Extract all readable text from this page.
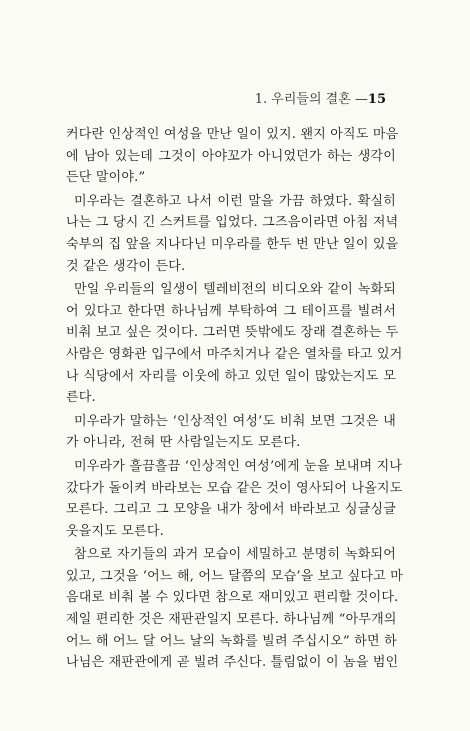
1. 우리들의 결혼 —15
커다란 인상적인 여성을 만난 일이 있지. 왠지 아직도 마음
에 남아 있는데 그것이 아야꼬가 아니었던가 하는 생각이
든단 말이야.”
미우라는 결혼하고 나서 이런 말을 가끔 하였다. 확실히
나는 그 당시 긴 스커트를 입었다. 그즈음이라면 아침 저녁
숙부의 집 앞을 지나다닌 미우라를 한두 번 만난 일이 있을
것 같은 생각이 든다.
만일 우리들의 일생이 텔레비전의 비디오와 같이 녹화되
어 있다고 한다면 하나님께 부탁하여 그 테이프를 빌려서
비춰 보고 싶은 것이다. 그러면 뜻밖에도 장래 결혼하는 두
사람은 영화관 입구에서 마주치거나 같은 열차를 타고 있거
나 식당에서 자리를 이웃에 하고 있던 일이 많았는지도 모
른다.
미우라가 말하는 ‘인상적인 여성’도 비춰 보면 그것은 내
가 아니라, 전혀 딴 사람일는지도 모른다.
미우라가 흘끔흘끔 ‘인상적인 여성’에게 눈을 보내며 지나
갔다가 돌이켜 바라보는 모습 같은 것이 영사되어 나올지도
모른다. 그리고 그 모양을 내가 창에서 바라보고 싱글싱글
웃을지도 모른다.
참으로 자기들의 과거 모습이 세밀하고 분명히 녹화되어
있고, 그것을 ‘어느 해, 어느 달쯤의 모습’을 보고 싶다고 마
음대로 비춰 볼 수 있다면 참으로 재미있고 편리할 것이다.
제일 편리한 것은 재판관일지 모른다. 하나님께 “아무개의
어느 해 어느 달 어느 날의 녹화를 빌려 주십시오” 하면 하
나님은 재판관에게 곧 빌려 주신다. 틀림없이 이 놈을 범인
